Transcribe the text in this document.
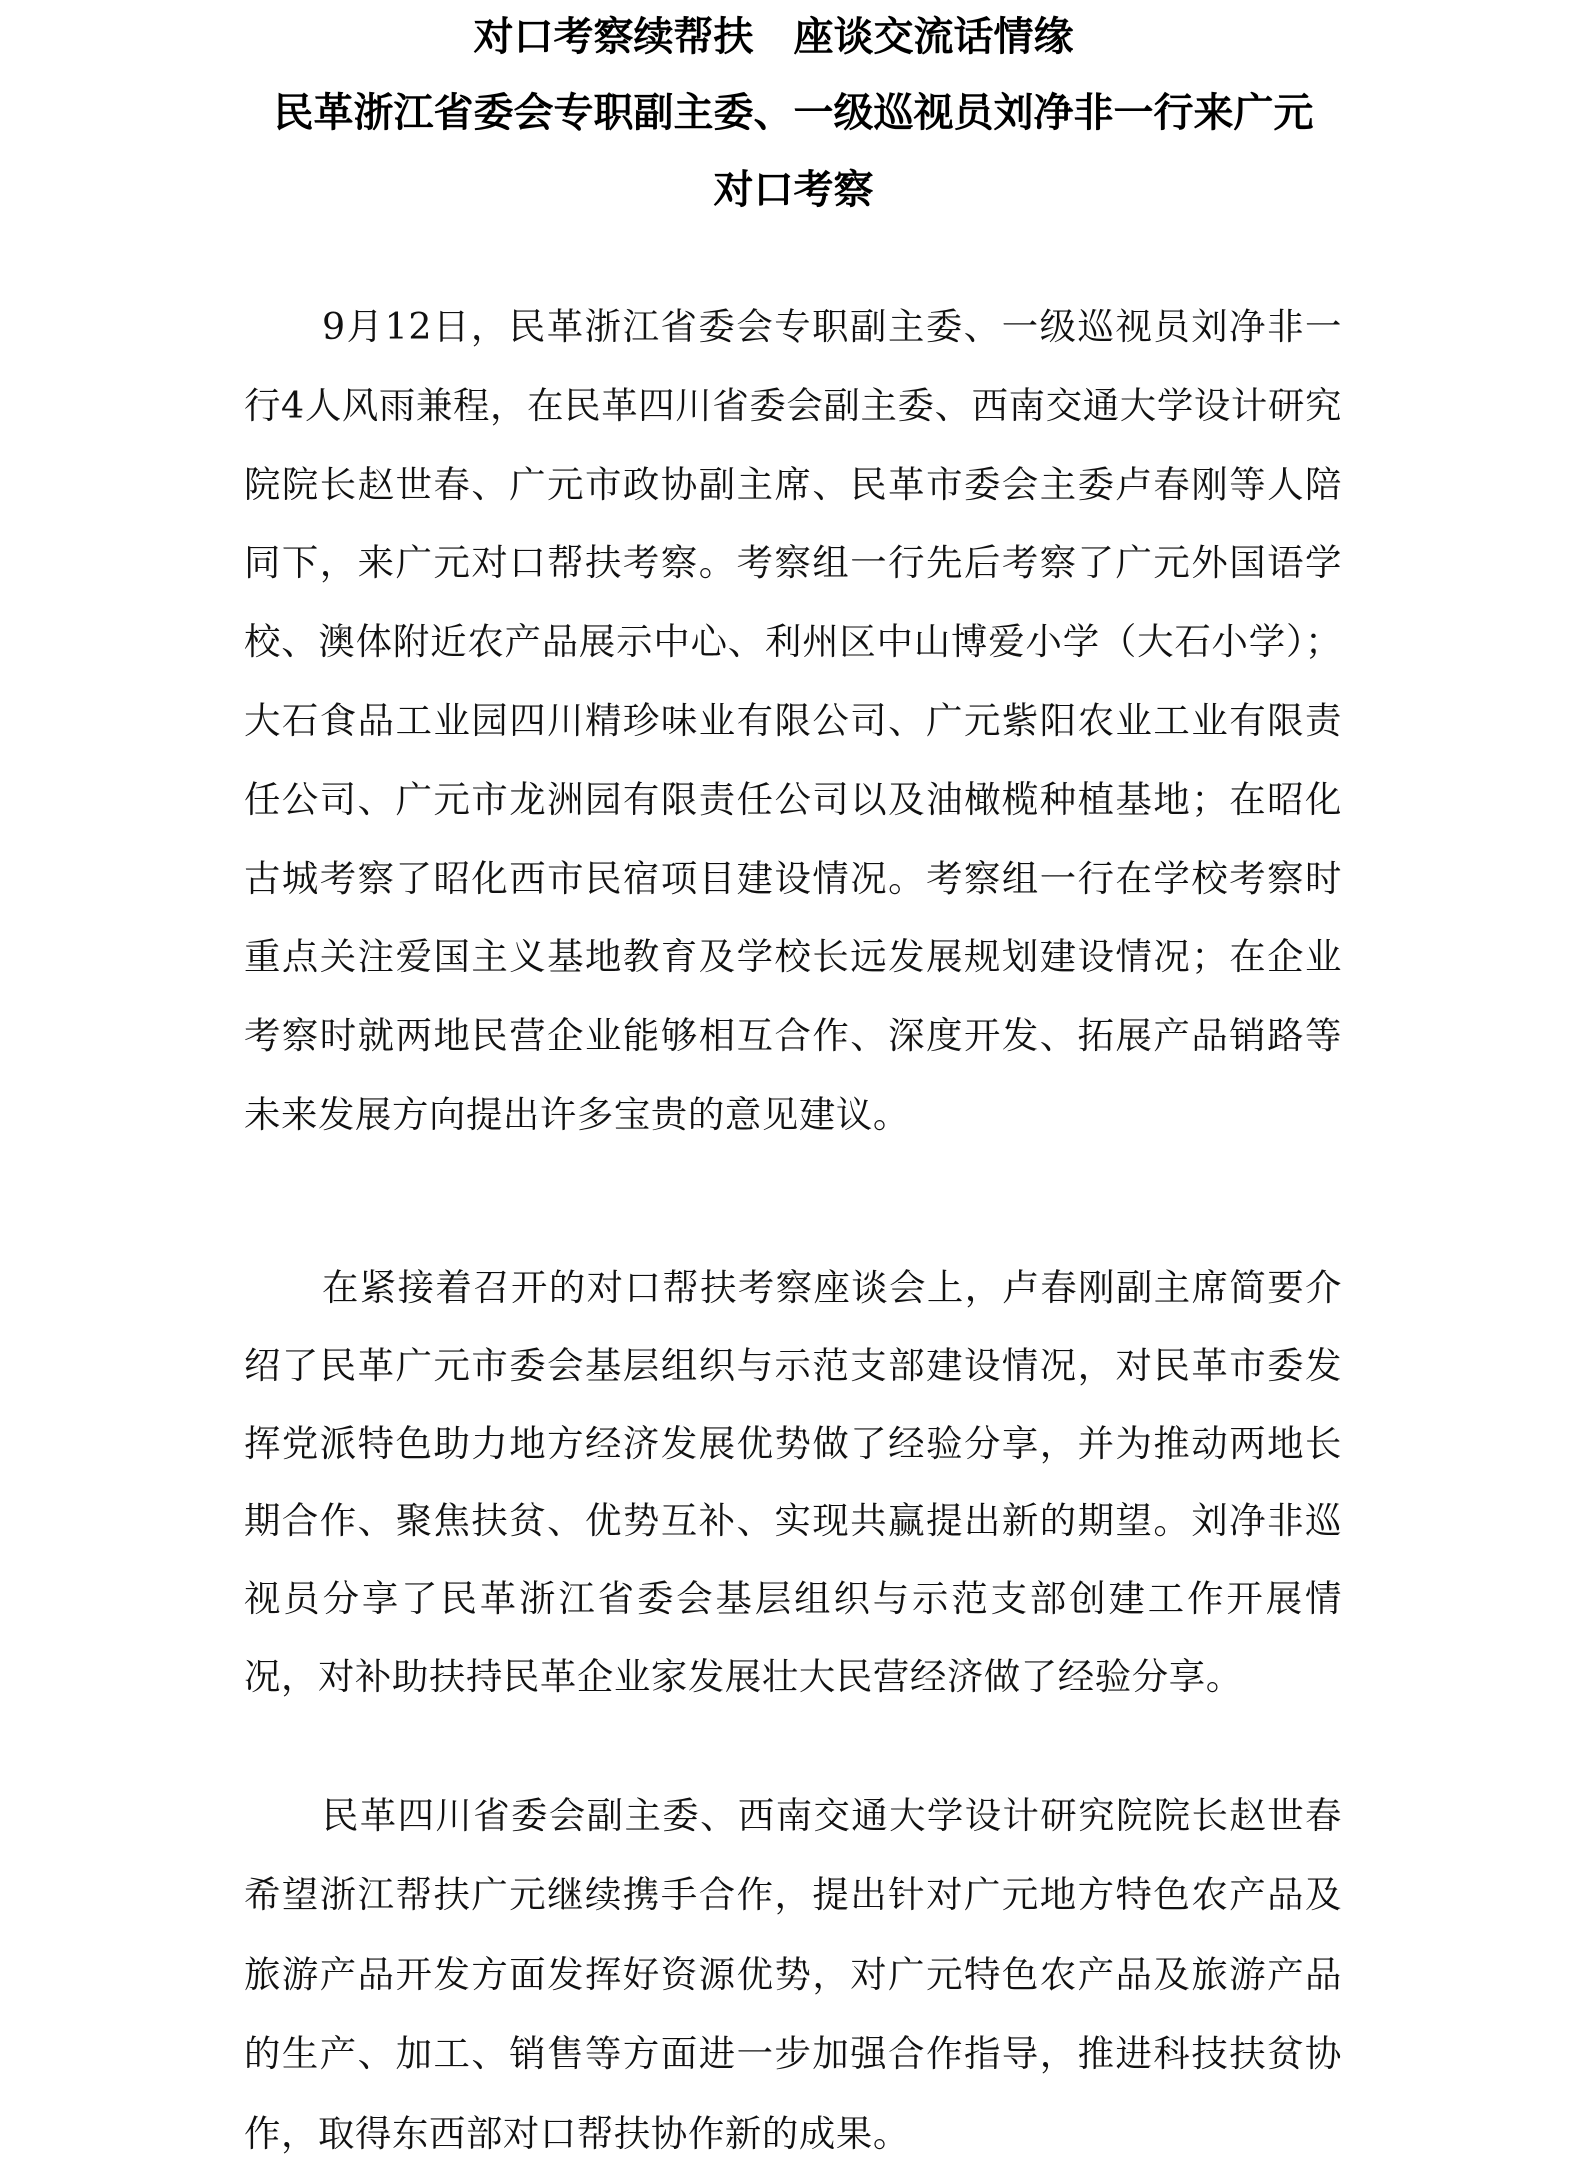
对口考察续帮扶　座谈交流话情缘
民革浙江省委会专职副主委、一级巡视员刘净非一行来广元
对口考察

9月12日，民革浙江省委会专职副主委、一级巡视员刘净非一行4人风雨兼程，在民革四川省委会副主委、西南交通大学设计研究院院长赵世春、广元市政协副主席、民革市委会主委卢春刚等人陪同下，来广元对口帮扶考察。考察组一行先后考察了广元外国语学校、澳体附近农产品展示中心、利州区中山博爱小学（大石小学）；大石食品工业园四川精珍味业有限公司、广元紫阳农业工业有限责任公司、广元市龙洲园有限责任公司以及油橄榄种植基地；在昭化古城考察了昭化西市民宿项目建设情况。考察组一行在学校考察时重点关注爱国主义基地教育及学校长远发展规划建设情况；在企业考察时就两地民营企业能够相互合作、深度开发、拓展产品销路等未来发展方向提出许多宝贵的意见建议。

在紧接着召开的对口帮扶考察座谈会上，卢春刚副主席简要介绍了民革广元市委会基层组织与示范支部建设情况，对民革市委发挥党派特色助力地方经济发展优势做了经验分享，并为推动两地长期合作、聚焦扶贫、优势互补、实现共赢提出新的期望。刘净非巡视员分享了民革浙江省委会基层组织与示范支部创建工作开展情况，对补助扶持民革企业家发展壮大民营经济做了经验分享。

民革四川省委会副主委、西南交通大学设计研究院院长赵世春希望浙江帮扶广元继续携手合作，提出针对广元地方特色农产品及旅游产品开发方面发挥好资源优势，对广元特色农产品及旅游产品的生产、加工、销售等方面进一步加强合作指导，推进科技扶贫协作，取得东西部对口帮扶协作新的成果。
